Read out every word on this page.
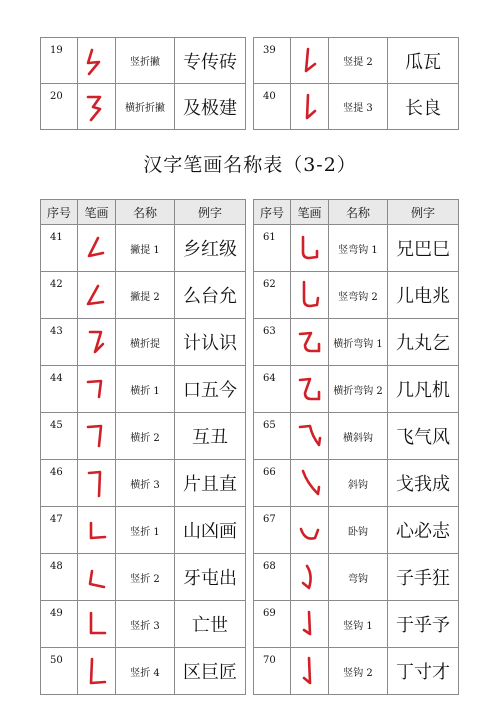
19		竖折撇	专传砖
20		横折折撇	及极建
39		竖提 2	瓜瓦
40		竖提 3	长良
汉字笔画名称表（3-2）
序号	笔画	名称	例字
41		撇提 1	乡红级
42		撇提 2	么台允
43		横折提	计认识
44		横折 1	口五今
45		横折 2	互丑
46		横折 3	片且直
47		竖折 1	山凶画
48		竖折 2	牙屯出
49		竖折 3	亡世
50		竖折 4	区巨匠
序号	笔画	名称	例字
61		竖弯钩 1	兄巴巳
62		竖弯钩 2	儿电兆
63		横折弯钩 1	九丸乞
64		横折弯钩 2	几凡机
65		横斜钩	飞气风
66		斜钩	戈我成
67		卧钩	心必志
68		弯钩	子手狂
69		竖钩 1	于乎予
70		竖钩 2	丁寸才
